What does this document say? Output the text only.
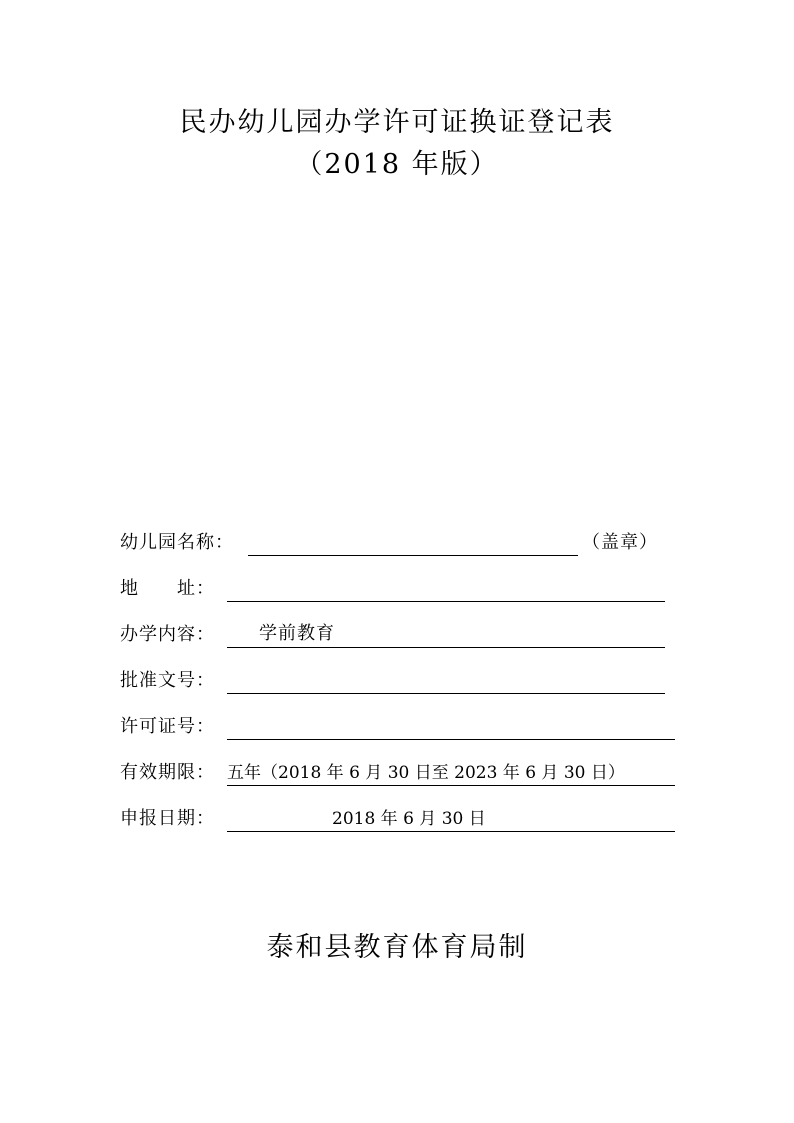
民办幼儿园办学许可证换证登记表
（2018 年版）
幼儿园名称：	（盖章）
地　　址：
办学内容： 学前教育
批准文号：
许可证号：
有效期限： 五年（2018 年 6 月 30 日至 2023 年 6 月 30 日）
申报日期：	2018 年 6 月 30 日
泰和县教育体育局制
